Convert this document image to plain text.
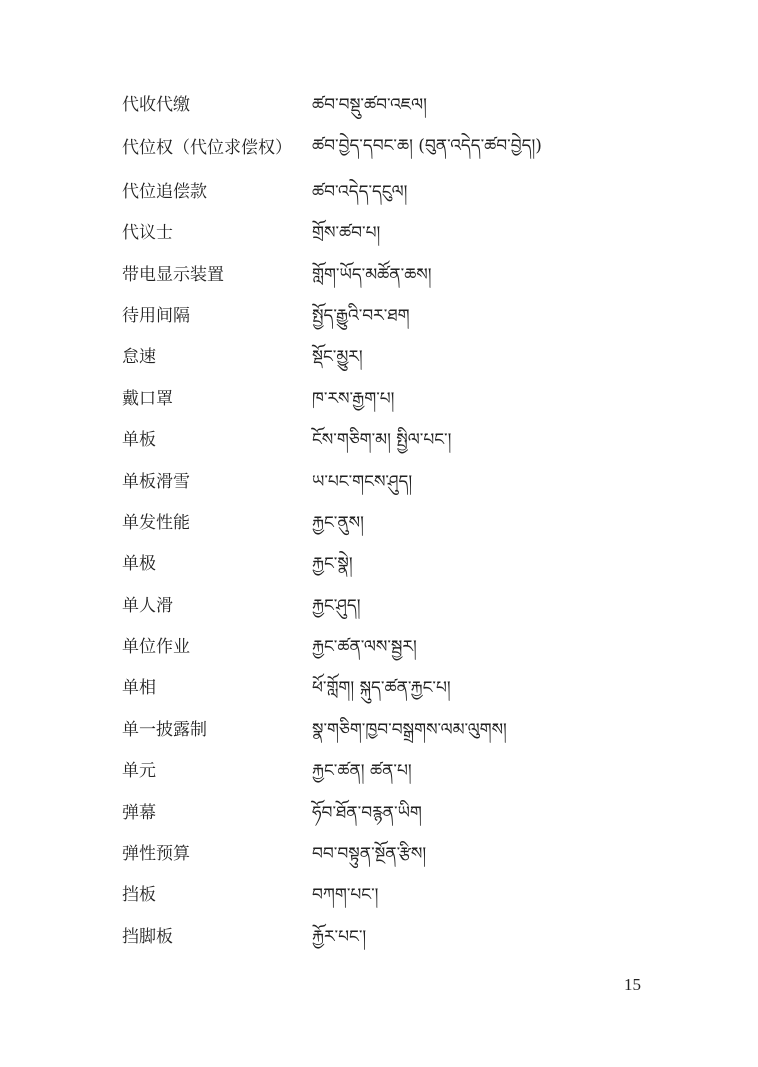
代收代缴	ཚབ་བསྡུ་ཚབ་འཇལ།
代位权（代位求偿权）	ཚབ་བྱེད་དབང་ཆ། (བུན་འདེད་ཚབ་བྱེད།)
代位追偿款	ཚབ་འདེད་དངུལ།
代议士	གྲོས་ཚབ་པ།
带电显示装置	གློག་ཡོད་མཚོན་ཆས།
待用间隔	སྤྱོད་རྒྱུའི་བར་ཐག
怠速	སྡོང་མྱུར།
戴口罩	ཁ་རས་རྒྱག་པ།
单板	ངོས་གཅིག་མ། སྤྱིལ་པང་།
单板滑雪	ཡ་པང་གངས་ཤུད།
单发性能	རྐྱང་ནུས།
单极	རྐྱང་སྣེ།
单人滑	རྐྱང་ཤུད།
单位作业	རྐྱང་ཚན་ལས་སྦྱར།
单相	ཕོ་གློག། སྐུད་ཚན་རྐྱང་པ།
单一披露制	སྣ་གཅིག་ཁྱབ་བསྒྲགས་ལམ་ལུགས།
单元	རྐྱང་ཚན། ཚན་པ།
弹幕	ཧོབ་ཐོན་བརྙན་ཡིག
弹性预算	བབ་བསྟུན་སྔོན་རྩིས།
挡板	བཀག་པང་།
挡脚板	རྐྱོར་པང་།
15
